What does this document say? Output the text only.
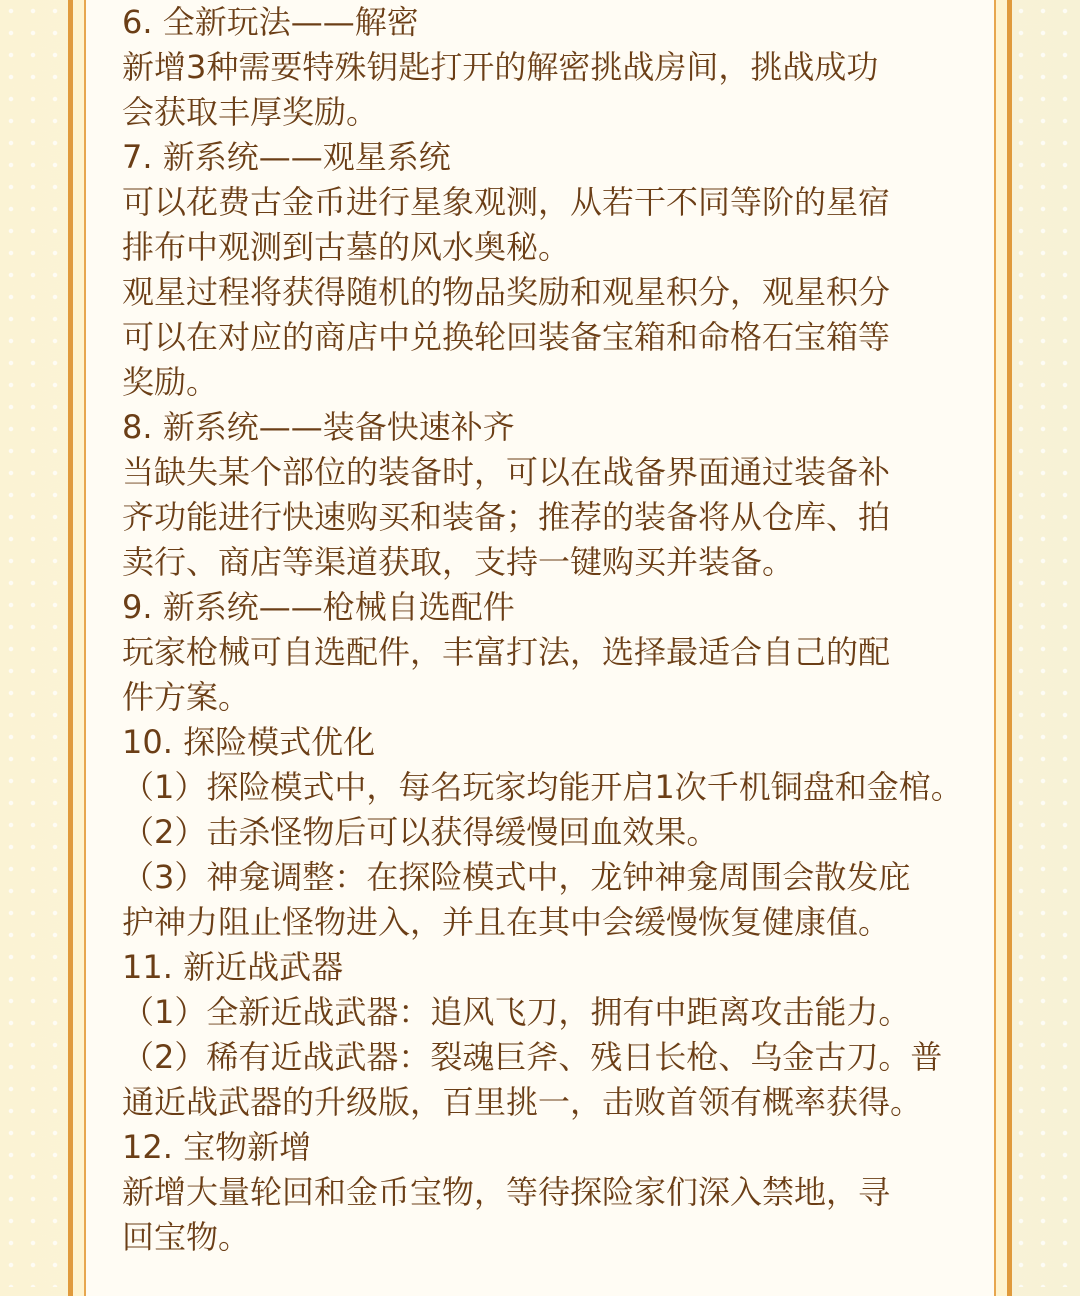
6. 全新玩法——解密
新增3种需要特殊钥匙打开的解密挑战房间，挑战成功
会获取丰厚奖励。
7. 新系统——观星系统
可以花费古金币进行星象观测，从若干不同等阶的星宿
排布中观测到古墓的风水奥秘。
观星过程将获得随机的物品奖励和观星积分，观星积分
可以在对应的商店中兑换轮回装备宝箱和命格石宝箱等
奖励。
8. 新系统——装备快速补齐
当缺失某个部位的装备时，可以在战备界面通过装备补
齐功能进行快速购买和装备；推荐的装备将从仓库、拍
卖行、商店等渠道获取，支持一键购买并装备。
9. 新系统——枪械自选配件
玩家枪械可自选配件，丰富打法，选择最适合自己的配
件方案。
10. 探险模式优化
（1）探险模式中，每名玩家均能开启1次千机铜盘和金棺。
（2）击杀怪物后可以获得缓慢回血效果。
（3）神龛调整：在探险模式中，龙钟神龛周围会散发庇
护神力阻止怪物进入，并且在其中会缓慢恢复健康值。
11. 新近战武器
（1）全新近战武器：追风飞刀，拥有中距离攻击能力。
（2）稀有近战武器：裂魂巨斧、残日长枪、乌金古刀。普
通近战武器的升级版，百里挑一，击败首领有概率获得。
12. 宝物新增
新增大量轮回和金币宝物，等待探险家们深入禁地，寻
回宝物。
